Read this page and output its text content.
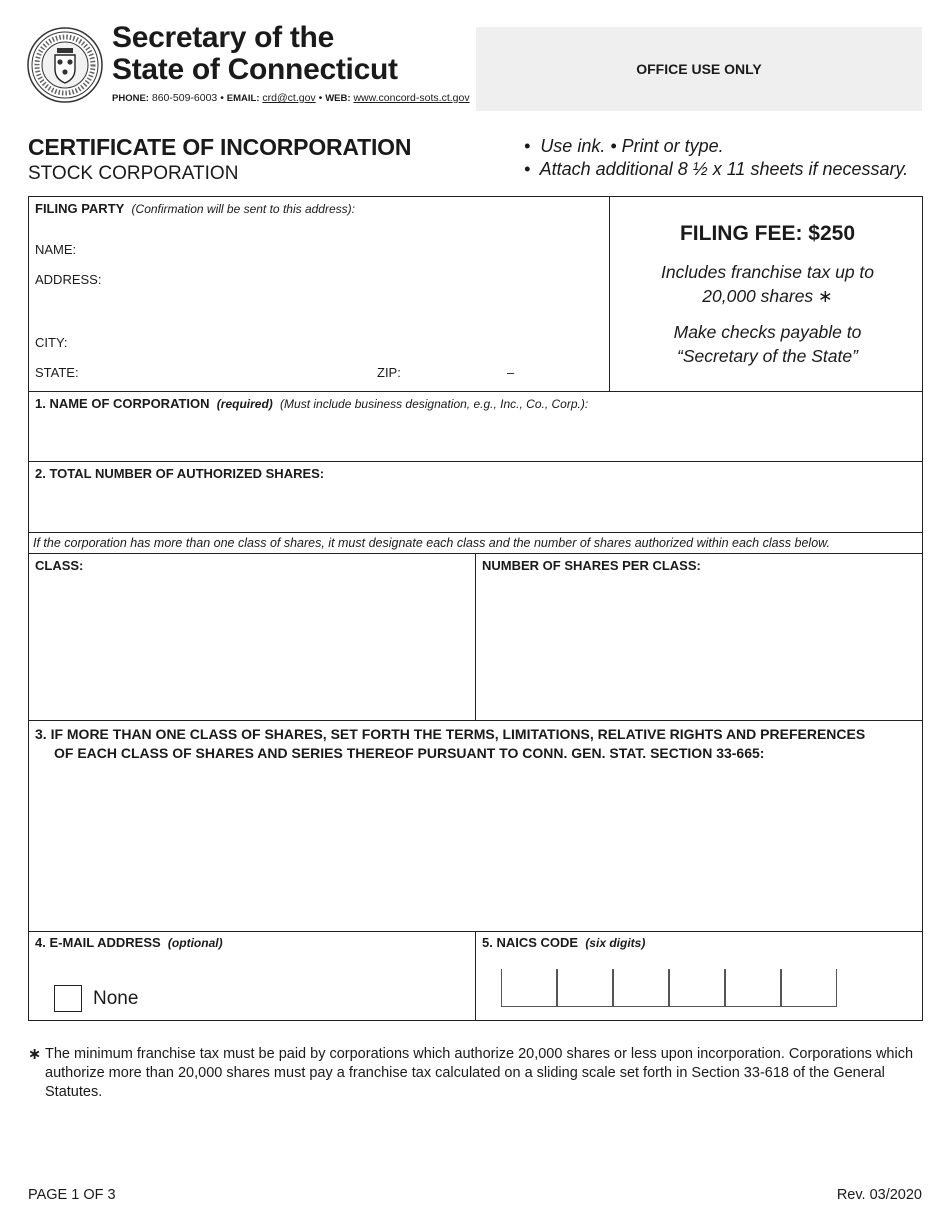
Secretary of the
State of Connecticut
PHONE: 860-509-6003 • EMAIL: crd@ct.gov • WEB: www.concord-sots.ct.gov
OFFICE USE ONLY
CERTIFICATE OF INCORPORATION
STOCK CORPORATION
•  Use ink. • Print or type.
•  Attach additional 8 ½ x 11 sheets if necessary.
FILING PARTY (Confirmation will be sent to this address):
NAME:
ADDRESS:
CITY:
STATE:	ZIP:	–
FILING FEE: $250
Includes franchise tax up to
20,000 shares ∗
Make checks payable to
“Secretary of the State”
1. NAME OF CORPORATION (required) (Must include business designation, e.g., Inc., Co., Corp.):
2. TOTAL NUMBER OF AUTHORIZED SHARES:
If the corporation has more than one class of shares, it must designate each class and the number of shares authorized within each class below.
CLASS:	NUMBER OF SHARES PER CLASS:
3. IF MORE THAN ONE CLASS OF SHARES, SET FORTH THE TERMS, LIMITATIONS, RELATIVE RIGHTS AND PREFERENCES
OF EACH CLASS OF SHARES AND SERIES THEREOF PURSUANT TO CONN. GEN. STAT. SECTION 33-665:
4. E-MAIL ADDRESS (optional)
None
5. NAICS CODE (six digits)
∗ The minimum franchise tax must be paid by corporations which authorize 20,000 shares or less upon incorporation. Corporations which authorize more than 20,000 shares must pay a franchise tax calculated on a sliding scale set forth in Section 33-618 of the General Statutes.
PAGE 1 OF 3	Rev. 03/2020
